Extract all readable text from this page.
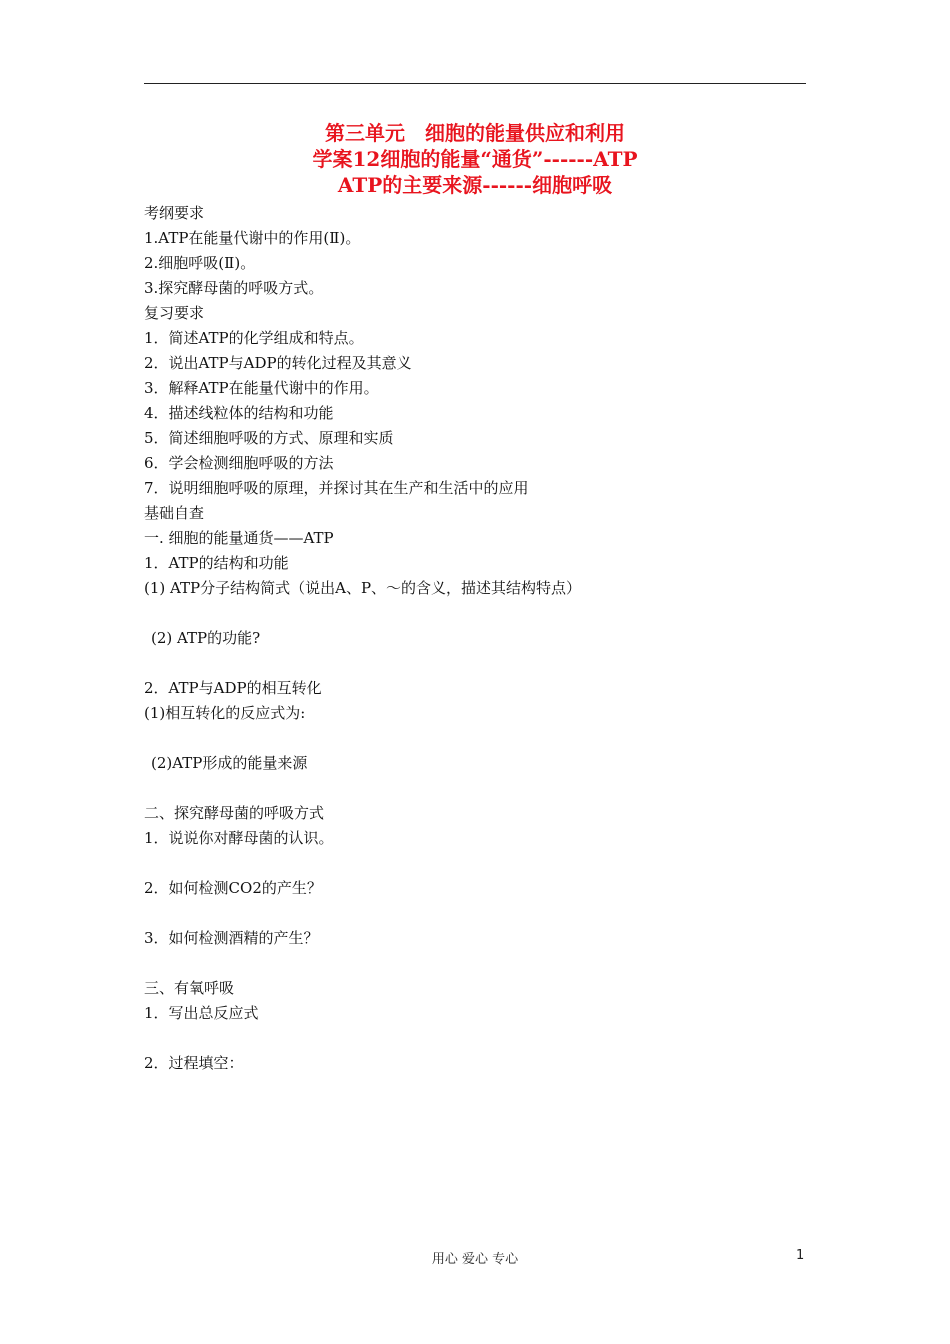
第三单元　细胞的能量供应和利用
学案12细胞的能量“通货”------ATP
ATP的主要来源------细胞呼吸
考纲要求
1.ATP在能量代谢中的作用(Ⅱ)。
2.细胞呼吸(Ⅱ)。
3.探究酵母菌的呼吸方式。
复习要求
1．简述ATP的化学组成和特点。
2．说出ATP与ADP的转化过程及其意义
3．解释ATP在能量代谢中的作用。
4．描述线粒体的结构和功能
5．简述细胞呼吸的方式、原理和实质
6．学会检测细胞呼吸的方法
7．说明细胞呼吸的原理，并探讨其在生产和生活中的应用
基础自查
一. 细胞的能量通货——ATP
1．ATP的结构和功能
(1) ATP分子结构简式（说出A、P、～的含义，描述其结构特点）
(2) ATP的功能?
2．ATP与ADP的相互转化
(1)相互转化的反应式为:
(2)ATP形成的能量来源
二、探究酵母菌的呼吸方式
1．说说你对酵母菌的认识。
2．如何检测CO2的产生？
3．如何检测酒精的产生？
三、有氧呼吸
1．写出总反应式
2．过程填空：
用心 爱心 专心	1
